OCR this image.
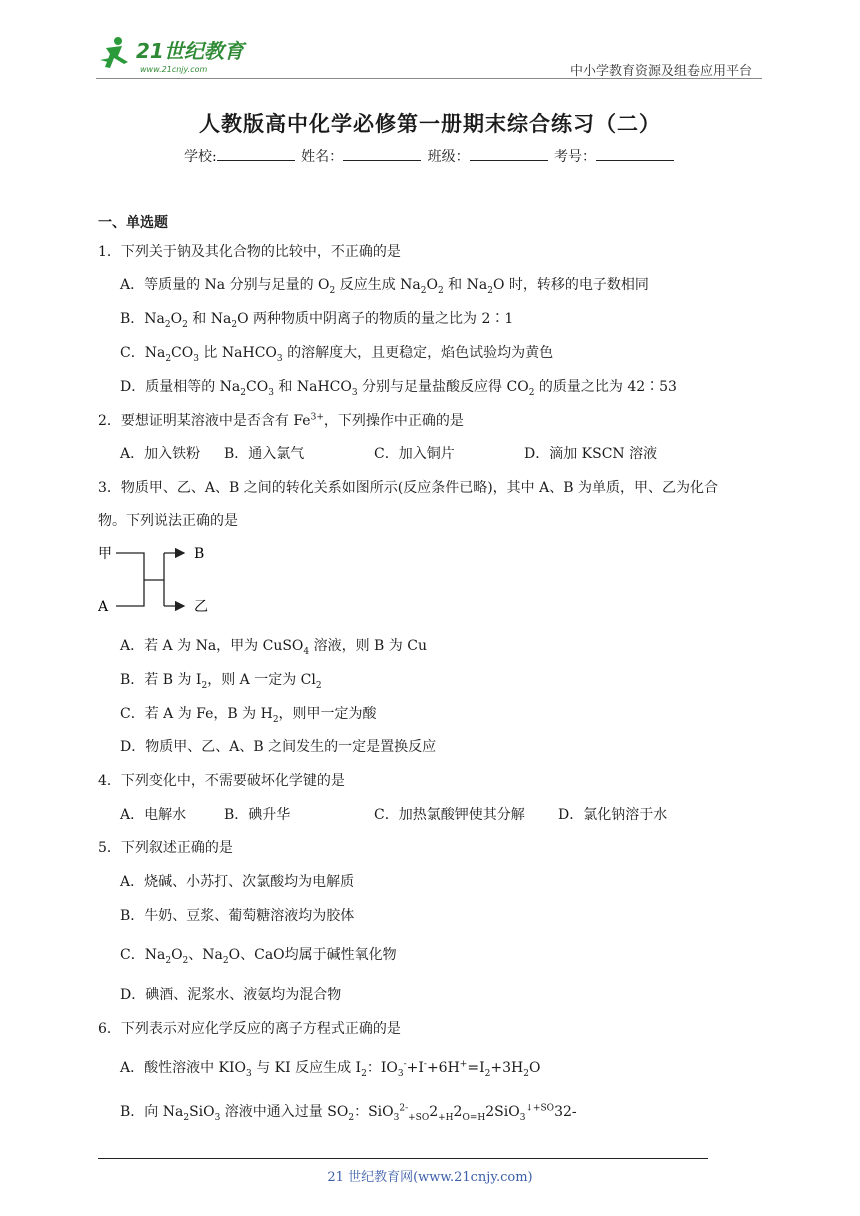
21世纪教育
www.21cnjy.com	中小学教育资源及组卷应用平台
人教版高中化学必修第一册期末综合练习（二）
学校:	姓名：	班级：	考号：
一、单选题
1．下列关于钠及其化合物的比较中，不正确的是
A．等质量的 Na 分别与足量的 $O_2$ 反应生成 $Na_2O_2$ 和 $Na_2O$ 时，转移的电子数相同
B．$Na_2O_2$ 和 $Na_2O$ 两种物质中阴离子的物质的量之比为 2∶1
C．$Na_2CO_3$ 比 NaHCO$_3$ 的溶解度大，且更稳定，焰色试验均为黄色
D．质量相等的 $Na_2CO_3$ 和 NaHCO$_3$ 分别与足量盐酸反应得 $CO_2$ 的质量之比为 42∶53
2．要想证明某溶液中是否含有 $Fe^{3+}$，下列操作中正确的是
A．加入铁粉 B．通入氯气	C．加入铜片	D．滴加 KSCN 溶液
3．物质甲、乙、A、B 之间的转化关系如图所示(反应条件已略)，其中 A、B 为单质，甲、乙为化合
物。下列说法正确的是
甲
A
B
乙
A．若 A 为 Na，甲为 CuSO$_4$ 溶液，则 B 为 Cu
B．若 B 为 $I_2$，则 A 一定为 $Cl_2$
C．若 A 为 Fe，B 为 $H_2$，则甲一定为酸
D．物质甲、乙、A、B 之间发生的一定是置换反应
4．下列变化中，不需要破坏化学键的是
A．电解水	B．碘升华	C．加热氯酸钾使其分解 D．氯化钠溶于水
5．下列叙述正确的是
A．烧碱、小苏打、次氯酸均为电解质
B．牛奶、豆浆、葡萄糖溶液均为胶体
C．$Na_2O_2$、$Na_2O$、CaO均属于碱性氧化物
D．碘酒、泥浆水、液氨均为混合物
6．下列表示对应化学反应的离子方程式正确的是
A．酸性溶液中 $KIO_3$ 与 KI 反应生成 $I_2$：$IO_3^-+I^-+6H^+=I_2+3H_2O$
B．向 $Na_2SiO_3$ 溶液中通入过量 $SO_2$：$SiO_3^{2-}_{+SO}2_{+H}2_{O=H}2SiO_3^{↓+SO}32-$
21 世纪教育网(www.21cnjy.com)
